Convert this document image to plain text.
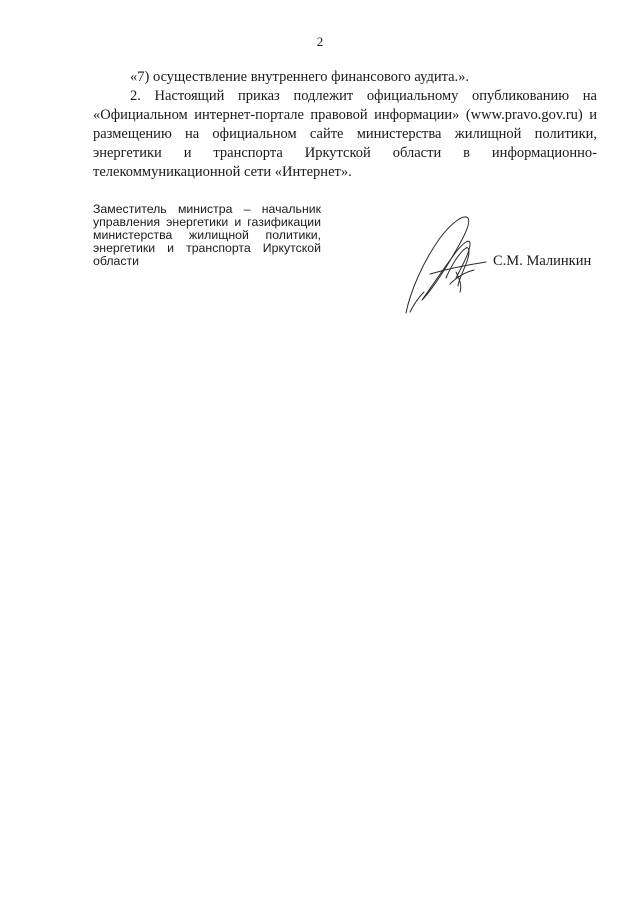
2

«7) осуществление внутреннего финансового аудита.».

2. Настоящий приказ подлежит официальному опубликованию на «Официальном интернет-портале правовой информации» (www.pravo.gov.ru) и размещению на официальном сайте министерства жилищной политики, энергетики и транспорта Иркутской области в информационно-телекоммуникационной сети «Интернет».

Заместитель министра – начальник управления энергетики и газификации министерства жилищной политики, энергетики и транспорта Иркутской области	С.М. Малинкин
